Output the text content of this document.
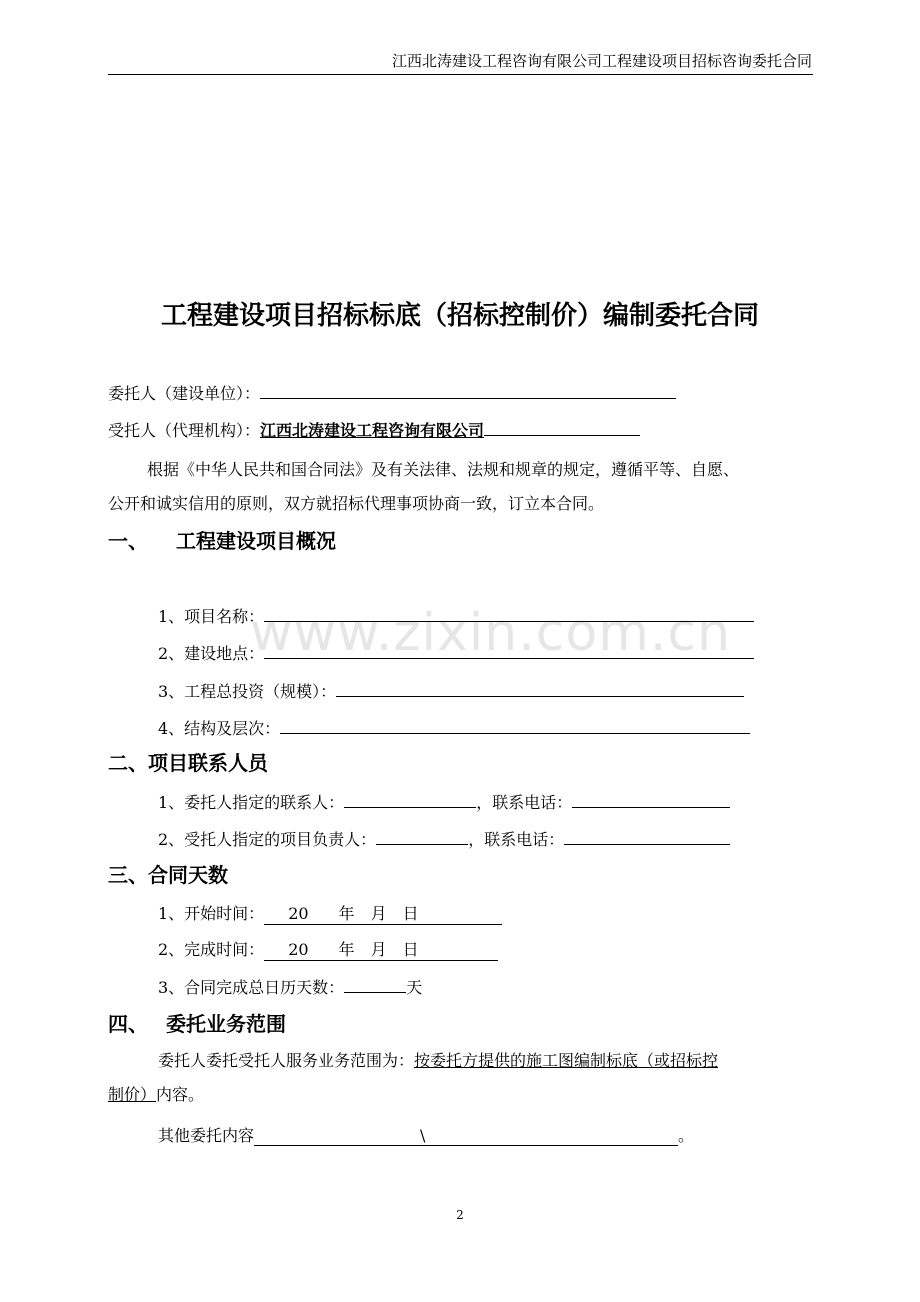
江西北涛建设工程咨询有限公司工程建设项目招标咨询委托合同
www.zixin.com.cn
工程建设项目招标标底（招标控制价）编制委托合同
委托人（建设单位）：
受托人（代理机构）：江西北涛建设工程咨询有限公司
根据《中华人民共和国合同法》及有关法律、法规和规章的规定，遵循平等、自愿、
公开和诚实信用的原则，双方就招标代理事项协商一致，订立本合同。
一、 工程建设项目概况
1、项目名称：
2、建设地点：
3、工程总投资（规模）：
4、结构及层次：
二、项目联系人员
1、委托人指定的联系人：	，联系电话：
2、受托人指定的项目负责人：	，联系电话：
三、合同天数
1、开始时间： 20 年 月 日
2、完成时间： 20 年 月 日
3、合同完成总日历天数：	天
四、 委托业务范围
委托人委托受托人服务业务范围为：按委托方提供的施工图编制标底（或招标控
制价）内容。
其他委托内容	\	。
2
